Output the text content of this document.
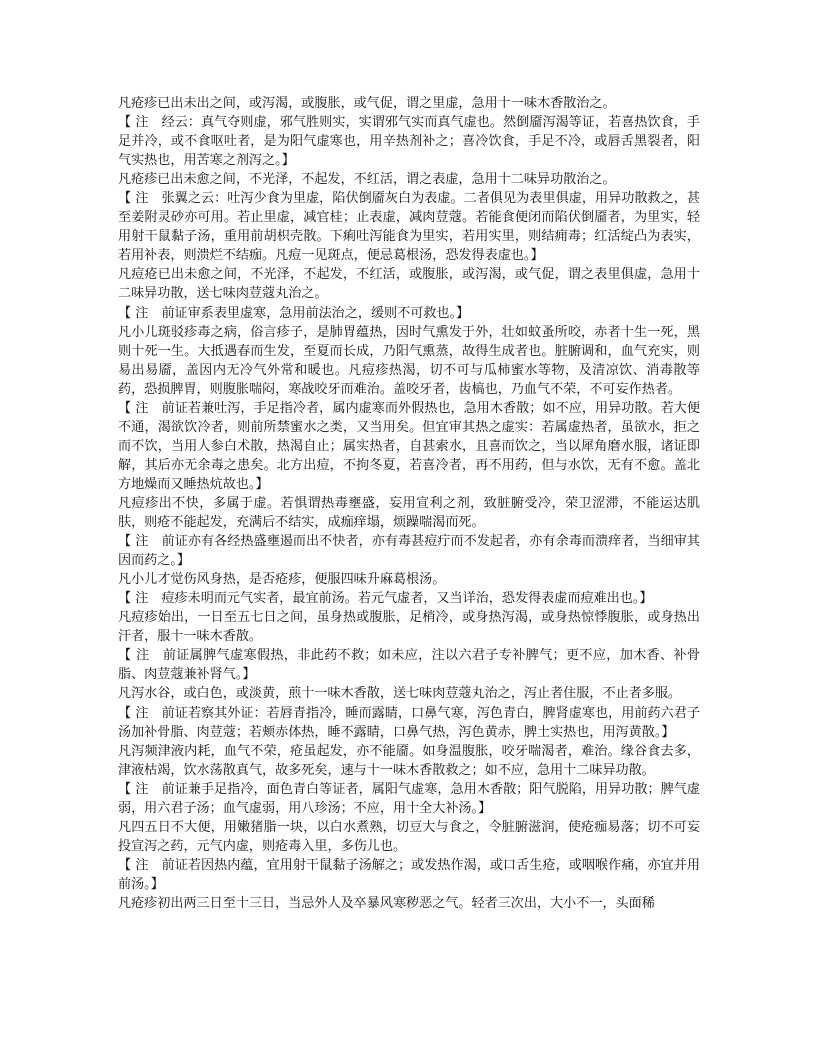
凡疮疹已出未出之间，或泻渴，或腹胀，或气促，谓之里虚，急用十一味木香散治之。

【 注　经云：真气夺则虚，邪气胜则实，实谓邪气实而真气虚也。然倒靥泻渴等证，若喜热饮食，手足并冷，或不食呕吐者，是为阳气虚寒也，用辛热剂补之；喜冷饮食，手足不冷，或唇舌黑裂者，阳气实热也，用苦寒之剂泻之。】

凡疮疹已出未愈之间，不光泽，不起发，不红活，谓之表虚，急用十二味异功散治之。

【 注　张翼之云：吐泻少食为里虚，陷伏倒靥灰白为表虚。二者俱见为表里俱虚，用异功散救之，甚至姜附灵砂亦可用。若止里虚，减官桂；止表虚，减肉荳蔻。若能食便闭而陷伏倒靥者，为里实，轻用射干鼠黏子汤，重用前胡枳壳散。下痢吐泻能食为里实，若用实里，则结痈毒；红活绽凸为表实，若用补表，则溃烂不结痂。凡痘一见斑点，便忌葛根汤，恐发得表虚也。】

凡痘疮已出未愈之间，不光泽，不起发，不红活，或腹胀，或泻渴，或气促，谓之表里俱虚，急用十二味异功散，送七味肉荳蔻丸治之。

【 注　前证审系表里虚寒，急用前法治之，缓则不可救也。】

凡小儿斑驳疹毒之病，俗言疹子，是肺胃蕴热，因时气熏发于外，壮如蚊蚤所咬，赤者十生一死，黑则十死一生。大抵遇春而生发，至夏而长成，乃阳气熏蒸，故得生成者也。脏腑调和，血气充实，则易出易靥，盖因内无冷气外常和暖也。凡痘疹热渴，切不可与瓜柿蜜水等物，及清凉饮、消毒散等药，恐损脾胃，则腹胀喘闷，寒战咬牙而难治。盖咬牙者，齿槁也，乃血气不荣，不可妄作热者。

【 注　前证若兼吐泻，手足指冷者，属内虚寒而外假热也，急用木香散；如不应，用异功散。若大便不通，渴欲饮冷者，则前所禁蜜水之类，又当用矣。但宜审其热之虚实：若属虚热者，虽欲水，拒之而不饮，当用人参白术散，热渴自止；属实热者，自甚索水，且喜而饮之，当以犀角磨水服，诸证即解，其后亦无余毒之患矣。北方出痘，不拘冬夏，若喜冷者，再不用药，但与水饮，无有不愈。盖北方地燥而又睡热炕故也。】

凡痘疹出不快，多属于虚。若惧谓热毒壅盛，妄用宣利之剂，致脏腑受冷，荣卫涩滞，不能运达肌肤，则疮不能起发，充满后不结实，成痂痒塌，烦躁喘渴而死。

【 注　前证亦有各经热盛壅遏而出不快者，亦有毒甚痘疔而不发起者，亦有余毒而溃痒者，当细审其因而药之。】

凡小儿才觉伤风身热，是否疮疹，便服四味升麻葛根汤。

【 注　痘疹未明而元气实者，最宜前汤。若元气虚者，又当详治，恐发得表虚而痘难出也。】

凡痘疹始出，一日至五七日之间，虽身热或腹胀，足梢冷，或身热泻渴，或身热惊悸腹胀，或身热出汗者，服十一味木香散。

【 注　前证属脾气虚寒假热，非此药不救；如未应，注以六君子专补脾气；更不应，加木香、补骨脂、肉荳蔻兼补肾气。】

凡泻水谷，或白色，或淡黄，煎十一味木香散，送七味肉荳蔻丸治之，泻止者住服，不止者多服。

【 注　前证若察其外证：若唇青指冷，睡而露睛，口鼻气寒，泻色青白，脾肾虚寒也，用前药六君子汤加补骨脂、肉荳蔻；若颊赤体热，睡不露睛，口鼻气热，泻色黄赤，脾土实热也，用泻黄散。】

凡泻频津液内耗，血气不荣，疮虽起发，亦不能靥。如身温腹胀，咬牙喘渴者，难治。缘谷食去多，津液枯竭，饮水荡散真气，故多死矣，速与十一味木香散救之；如不应，急用十二味异功散。

【 注　前证兼手足指冷，面色青白等证者，属阳气虚寒，急用木香散；阳气脱陷，用异功散；脾气虚弱，用六君子汤；血气虚弱，用八珍汤；不应，用十全大补汤。】

凡四五日不大便，用嫩猪脂一块，以白水煮熟，切豆大与食之，令脏腑滋润，使疮痂易落；切不可妄投宣泻之药，元气内虚，则疮毒入里，多伤儿也。

【 注　前证若因热内蕴，宜用射干鼠黏子汤解之；或发热作渴，或口舌生疮，或咽喉作痛，亦宜并用前汤。】

凡疮疹初出两三日至十三日，当忌外人及卒暴风寒秽恶之气。轻者三次出，大小不一，头面稀
